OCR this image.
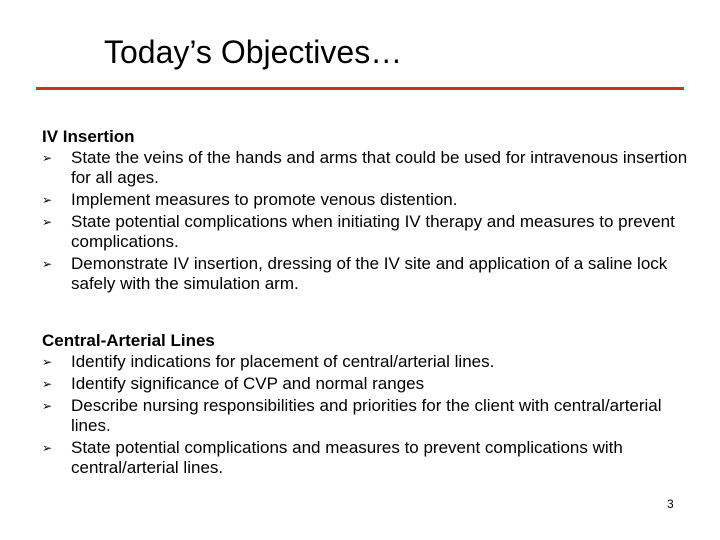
Today’s Objectives…
IV Insertion
➢ State the veins of the hands and arms that could be used for intravenous insertion for all ages.
➢ Implement measures to promote venous distention.
➢ State potential complications when initiating IV therapy and measures to prevent complications.
➢ Demonstrate IV insertion, dressing of the IV site and application of a saline lock safely with the simulation arm.
Central-Arterial Lines
➢ Identify indications for placement of central/arterial lines.
➢ Identify significance of CVP and normal ranges
➢ Describe nursing responsibilities and priorities for the client with central/arterial lines.
➢ State potential complications and measures to prevent complications with central/arterial lines.
3
